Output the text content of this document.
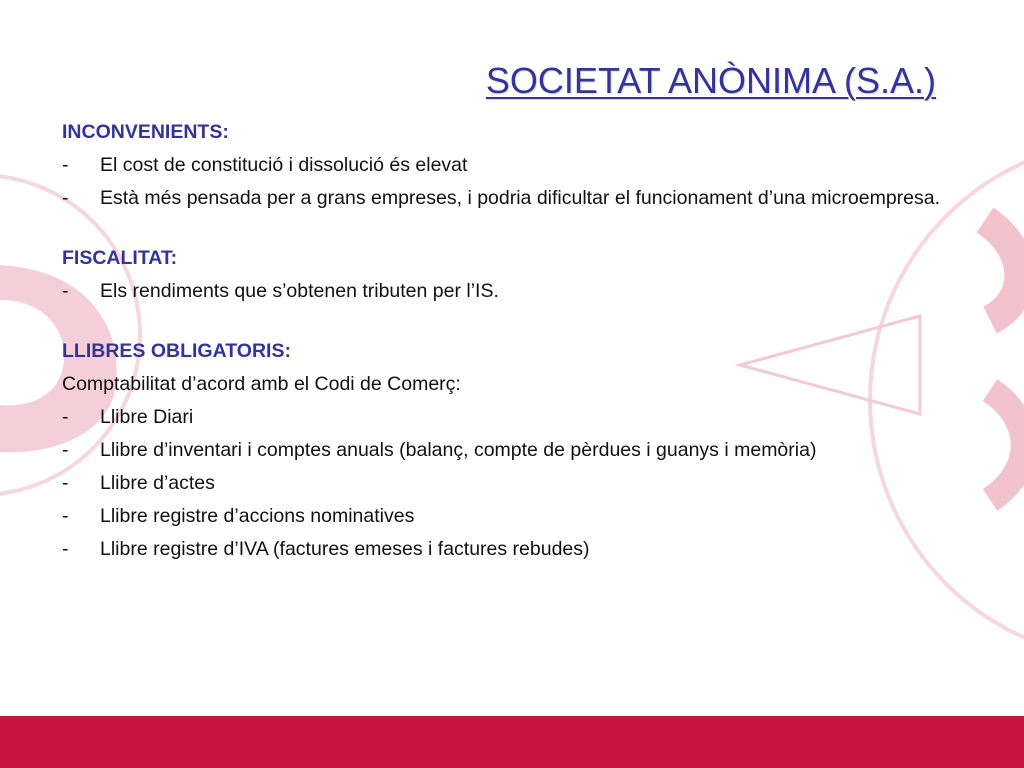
SOCIETAT ANÒNIMA (S.A.)
INCONVENIENTS:
-	El cost de constitució i dissolució és elevat
-	Està més pensada per a grans empreses, i podria dificultar el funcionament d’una microempresa.
FISCALITAT:
-	Els rendiments que s’obtenen tributen per l’IS.
LLIBRES OBLIGATORIS:
Comptabilitat d’acord amb el Codi de Comerç:
-	Llibre Diari
-	Llibre d’inventari i comptes anuals (balanç, compte de pèrdues i guanys i memòria)
-	Llibre d’actes
-	Llibre registre d’accions nominatives
-	Llibre registre d’IVA (factures emeses i factures rebudes)
